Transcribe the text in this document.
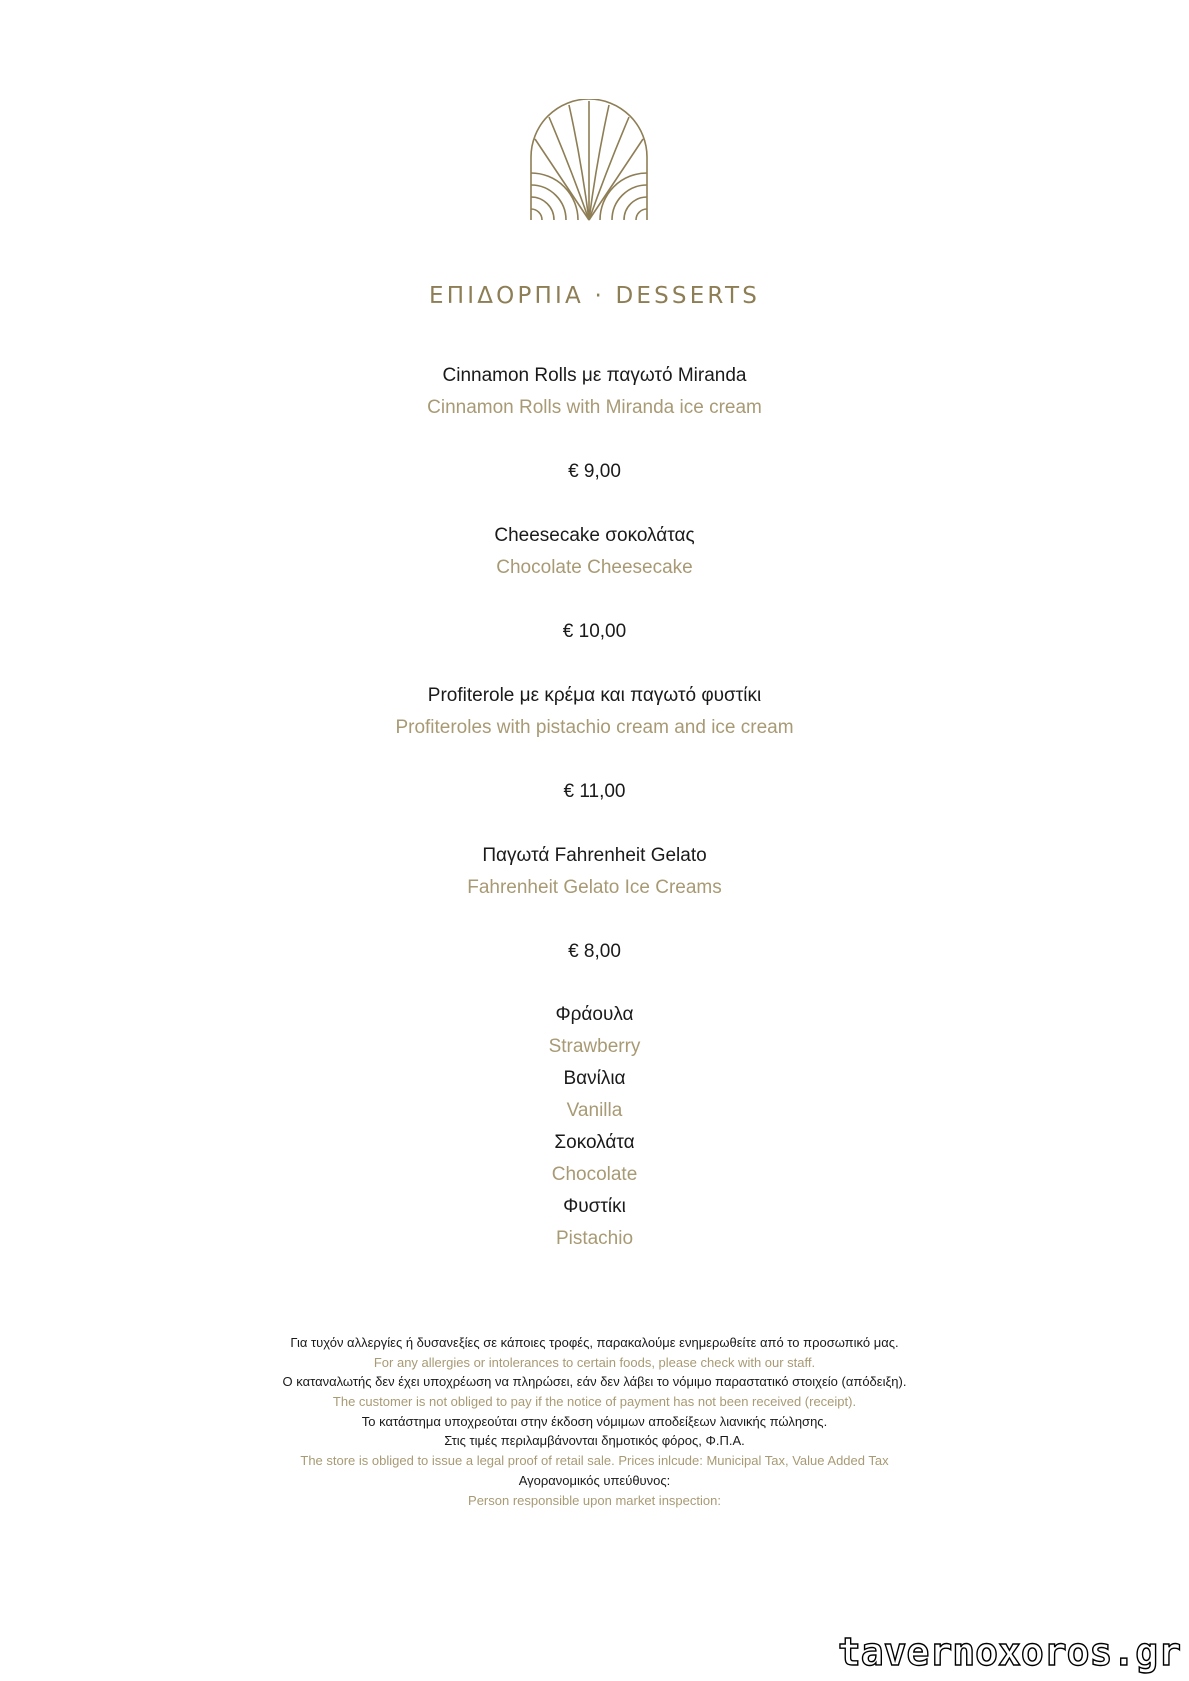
ΕΠΙΔΟΡΠΙΑ · DESSERTS
Cinnamon Rolls με παγωτό Miranda
Cinnamon Rolls with Miranda ice cream
€ 9,00
Cheesecake σοκολάτας
Chocolate Cheesecake
€ 10,00
Profiterole με κρέμα και παγωτό φυστίκι
Profiteroles with pistachio cream and ice cream
€ 11,00
Παγωτά Fahrenheit Gelato
Fahrenheit Gelato Ice Creams
€ 8,00
Φράουλα
Strawberry
Βανίλια
Vanilla
Σοκολάτα
Chocolate
Φυστίκι
Pistachio
Για τυχόν αλλεργίες ή δυσανεξίες σε κάποιες τροφές, παρακαλούμε ενημερωθείτε από το προσωπικό μας.
For any allergies or intolerances to certain foods, please check with our staff.
Ο καταναλωτής δεν έχει υποχρέωση να πληρώσει, εάν δεν λάβει το νόμιμο παραστατικό στοιχείο (απόδειξη).
The customer is not obliged to pay if the notice of payment has not been received (receipt).
Το κατάστημα υποχρεούται στην έκδοση νόμιμων αποδείξεων λιανικής πώλησης.
Στις τιμές περιλαμβάνονται δημοτικός φόρος, Φ.Π.Α.
The store is obliged to issue a legal proof of retail sale. Prices inlcude: Municipal Tax, Value Added Tax
Αγορανομικός υπεύθυνος:
Person responsible upon market inspection:
tavernoxoros.gr
